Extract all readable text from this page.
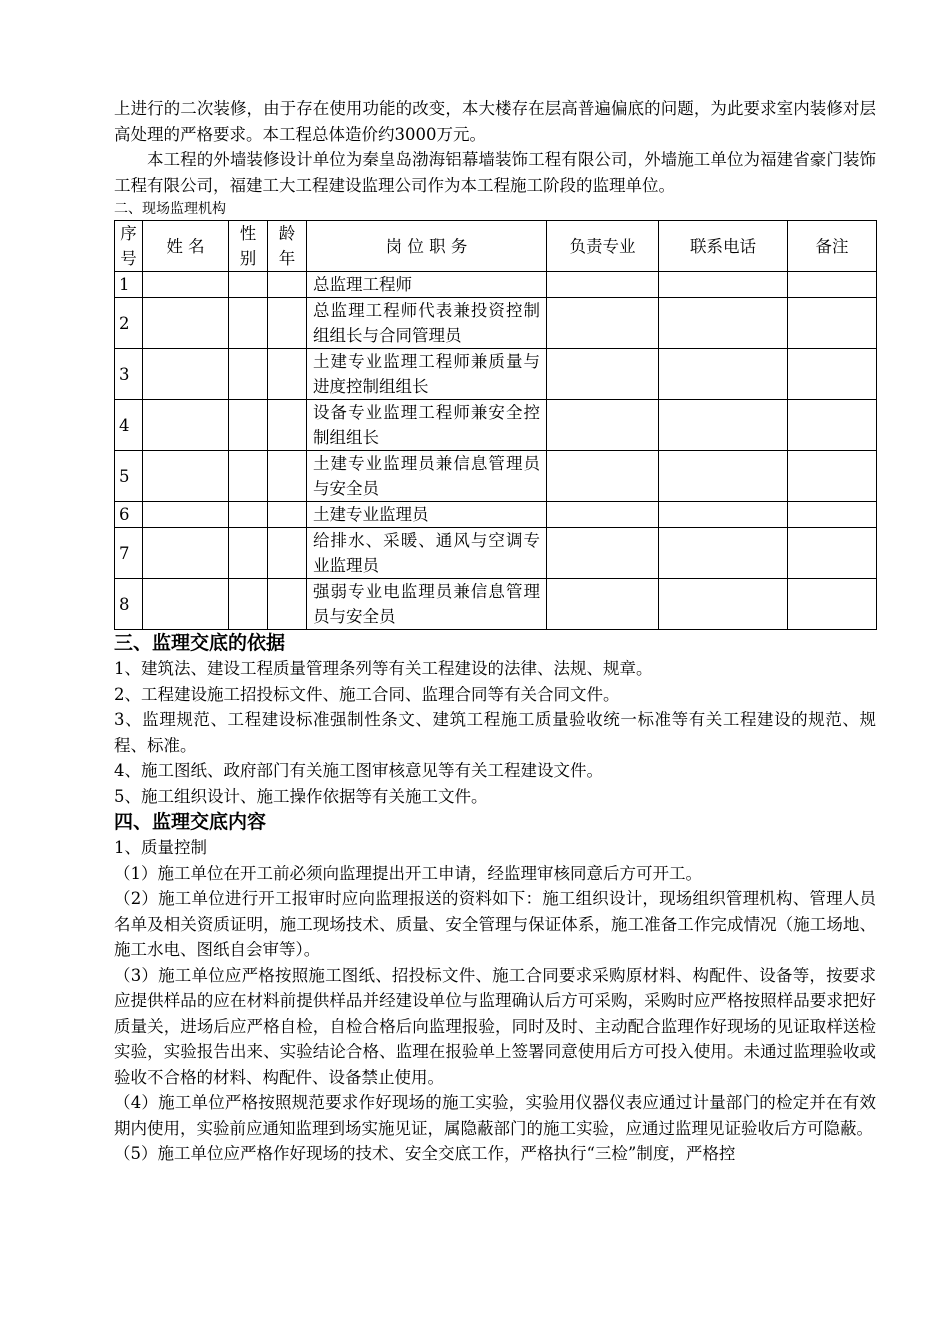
上进行的二次装修，由于存在使用功能的改变，本大楼存在层高普遍偏底的问题，为此要求室内装修对层高处理的严格要求。本工程总体造价约3000万元。

本工程的外墙装修设计单位为秦皇岛渤海铝幕墙装饰工程有限公司，外墙施工单位为福建省豪门装饰工程有限公司，福建工大工程建设监理公司作为本工程施工阶段的监理单位。

二、现场监理机构
序号	姓 名	性别	龄年	岗 位 职 务	负责专业	联系电话	备注
1				总监理工程师			
2				总监理工程师代表兼投资控制组组长与合同管理员			
3				土建专业监理工程师兼质量与进度控制组组长			
4				设备专业监理工程师兼安全控制组组长			
5				土建专业监理员兼信息管理员与安全员			
6				土建专业监理员			
7				给排水、采暖、通风与空调专业监理员			
8				强弱专业电监理员兼信息管理员与安全员			
三、监理交底的依据

1、建筑法、建设工程质量管理条列等有关工程建设的法律、法规、规章。

2、工程建设施工招投标文件、施工合同、监理合同等有关合同文件。

3、监理规范、工程建设标准强制性条文、建筑工程施工质量验收统一标准等有关工程建设的规范、规程、标准。

4、施工图纸、政府部门有关施工图审核意见等有关工程建设文件。

5、施工组织设计、施工操作依据等有关施工文件。

四、监理交底内容

1、质量控制

（1）施工单位在开工前必须向监理提出开工申请，经监理审核同意后方可开工。

（2）施工单位进行开工报审时应向监理报送的资料如下：施工组织设计，现场组织管理机构、管理人员名单及相关资质证明，施工现场技术、质量、安全管理与保证体系，施工准备工作完成情况（施工场地、施工水电、图纸自会审等）。

（3）施工单位应严格按照施工图纸、招投标文件、施工合同要求采购原材料、构配件、设备等，按要求应提供样品的应在材料前提供样品并经建设单位与监理确认后方可采购，采购时应严格按照样品要求把好质量关，进场后应严格自检，自检合格后向监理报验，同时及时、主动配合监理作好现场的见证取样送检实验，实验报告出来、实验结论合格、监理在报验单上签署同意使用后方可投入使用。未通过监理验收或验收不合格的材料、构配件、设备禁止使用。

（4）施工单位严格按照规范要求作好现场的施工实验，实验用仪器仪表应通过计量部门的检定并在有效期内使用，实验前应通知监理到场实施见证，属隐蔽部门的施工实验，应通过监理见证验收后方可隐蔽。

（5）施工单位应严格作好现场的技术、安全交底工作，严格执行“三检”制度，严格控
